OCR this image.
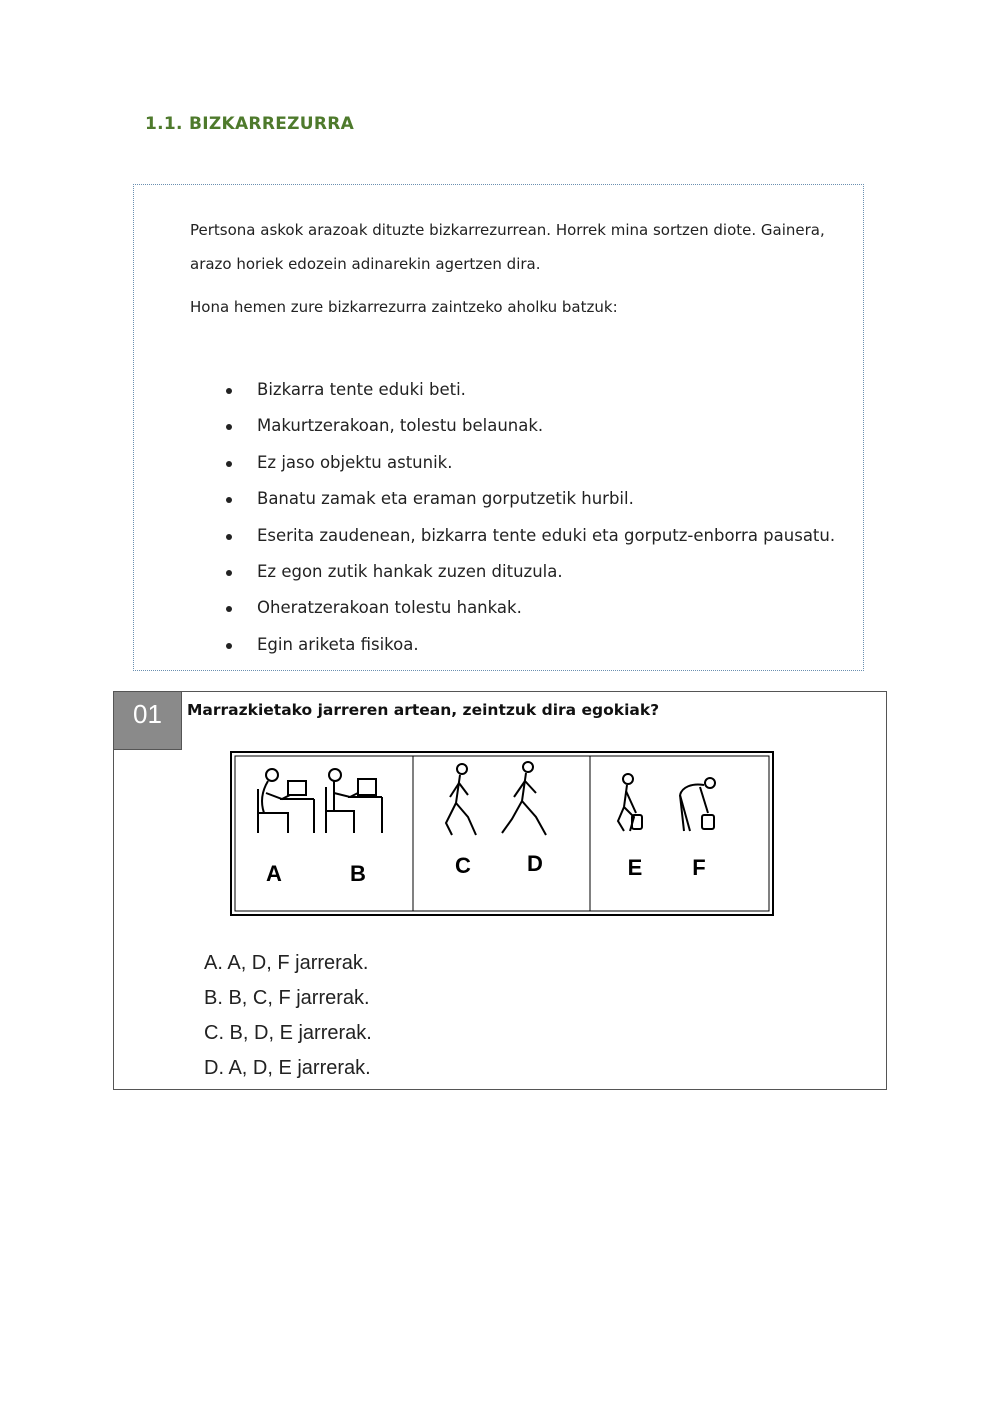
1.1. BIZKARREZURRA
Pertsona askok arazoak dituzte bizkarrezurrean. Horrek mina sortzen diote. Gainera,
arazo horiek edozein adinarekin agertzen dira.
Hona hemen zure bizkarrezurra zaintzeko aholku batzuk:
Bizkarra tente eduki beti.
Makurtzerakoan, tolestu belaunak.
Ez jaso objektu astunik.
Banatu zamak eta eraman gorputzetik hurbil.
Eserita zaudenean, bizkarra tente eduki eta gorputz-enborra pausatu.
Ez egon zutik hankak zuzen dituzula.
Oheratzerakoan tolestu hankak.
Egin ariketa fisikoa.
01	Marrazkietako jarreren artean, zeintzuk dira egokiak?
A	B	C	D	E F
A. A, D, F jarrerak.
B. B, C, F jarrerak.
C. B, D, E jarrerak.
D. A, D, E jarrerak.
